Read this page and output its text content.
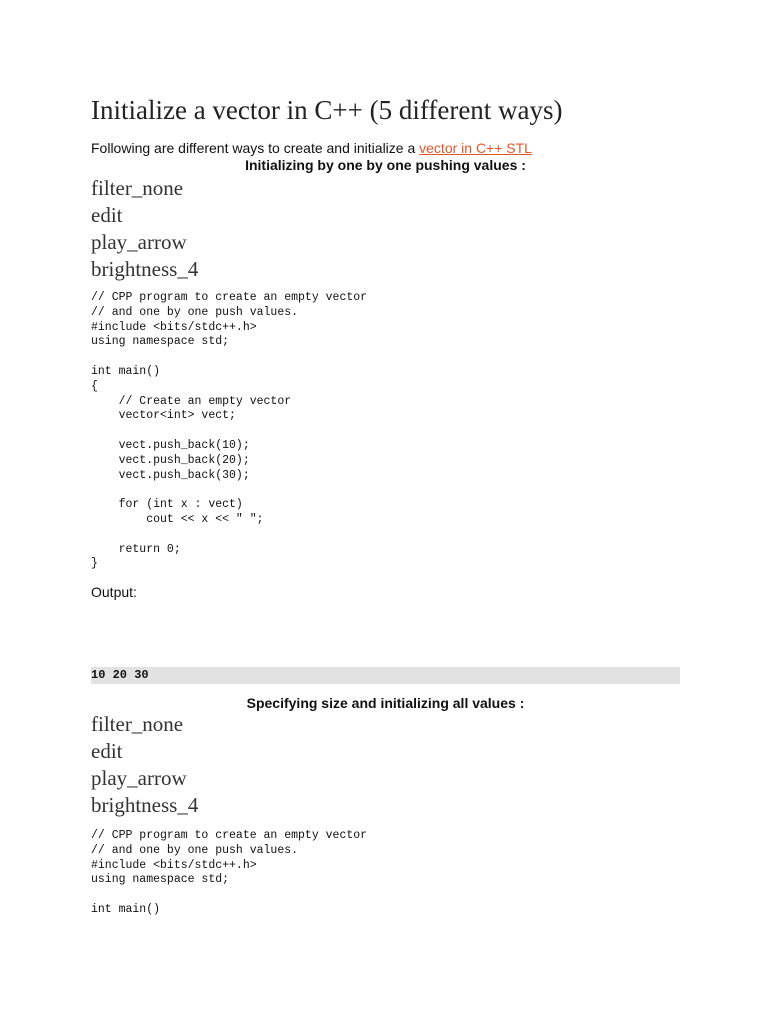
Initialize a vector in C++ (5 different ways)

Following are different ways to create and initialize a vector in C++ STL

Initializing by one by one pushing values :

filter_none
edit
play_arrow
brightness_4
// CPP program to create an empty vector
// and one by one push values.
#include <bits/stdc++.h>
using namespace std;

int main()
{
// Create an empty vector
vector<int> vect;

vect.push_back(10);
vect.push_back(20);
vect.push_back(30);

for (int x : vect)
cout << x << " ";

return 0;
}

Output:

10 20 30

Specifying size and initializing all values :

filter_none
edit
play_arrow
brightness_4
// CPP program to create an empty vector
// and one by one push values.
#include <bits/stdc++.h>
using namespace std;

int main()
